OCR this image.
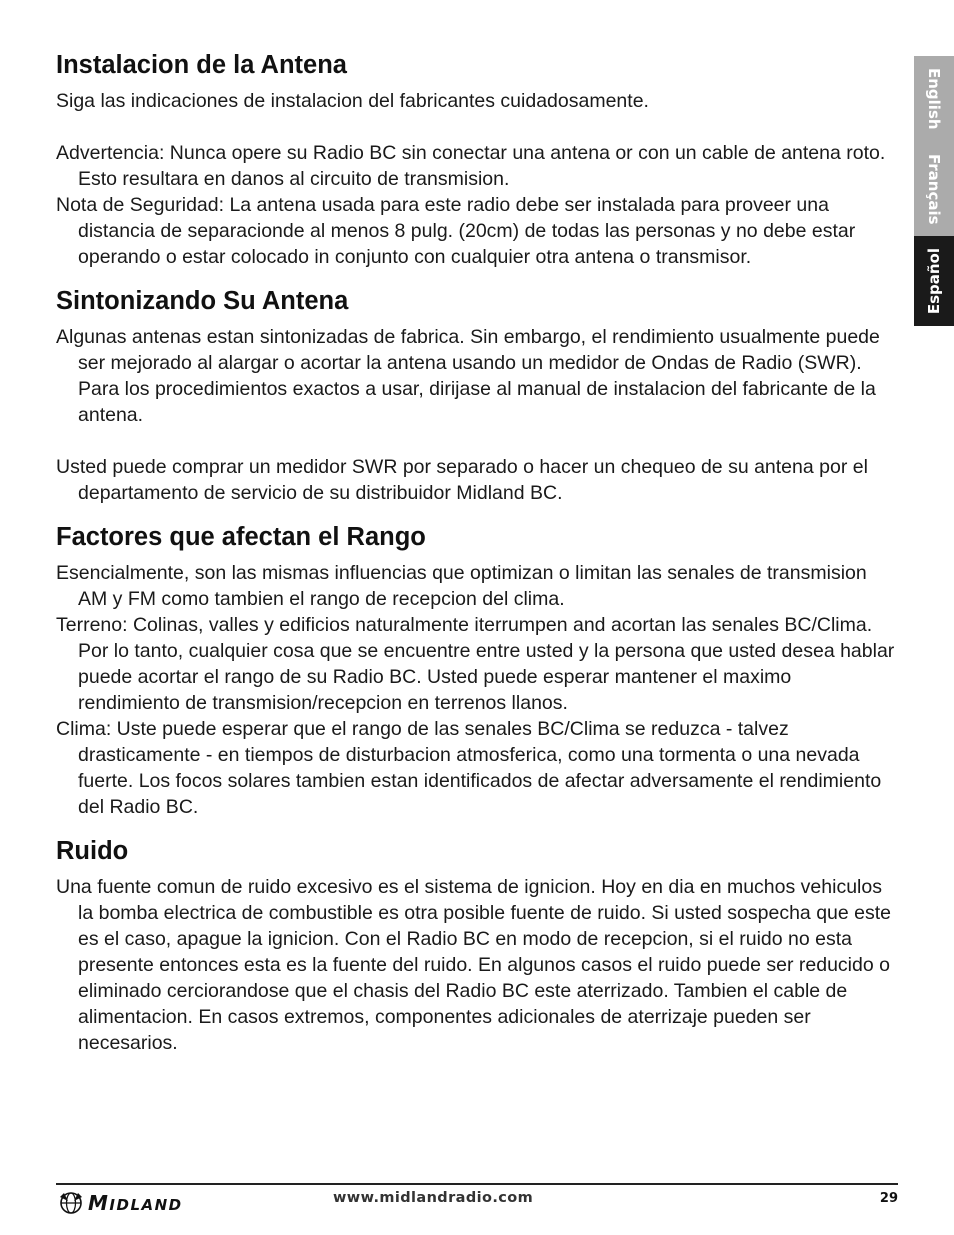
English
Français
Español
Instalacion de la Antena

Siga las indicaciones de instalacion del fabricantes cuidadosamente.

Advertencia: Nunca opere su Radio BC sin conectar una antena or con un cable de antena roto. Esto resultara en danos al circuito de transmision.

Nota de Seguridad: La antena usada para este radio debe ser instalada para proveer una distancia de separacionde al menos 8 pulg. (20cm) de todas las personas y no debe estar operando o estar colocado in conjunto con cualquier otra antena o transmisor.

Sintonizando Su Antena

Algunas antenas estan sintonizadas de fabrica. Sin embargo, el rendimiento usualmente puede ser mejorado al alargar o acortar la antena usando un medidor de Ondas de Radio (SWR). Para los procedimientos exactos a usar, dirijase al manual de instalacion del fabricante de la antena.

Usted puede comprar un medidor SWR por separado o hacer un chequeo de su antena por el departamento de servicio de su distribuidor Midland BC.

Factores que afectan el Rango

Esencialmente, son las mismas influencias que optimizan o limitan las senales de transmision AM y FM como tambien el rango de recepcion del clima.

Terreno: Colinas, valles y edificios naturalmente iterrumpen and acortan las senales BC/Clima. Por lo tanto, cualquier cosa que se encuentre entre usted y la persona que usted desea hablar puede acortar el rango de su Radio BC. Usted puede esperar mantener el maximo rendimiento de transmision/recepcion en terrenos llanos.

Clima: Uste puede esperar que el rango de las senales BC/Clima se reduzca - talvez drasticamente - en tiempos de disturbacion atmosferica, como una tormenta o una nevada fuerte. Los focos solares tambien estan identificados de afectar adversamente el rendimiento del Radio BC.

Ruido

Una fuente comun de ruido excesivo es el sistema de ignicion. Hoy en dia en muchos vehiculos la bomba electrica de combustible es otra posible fuente de ruido. Si usted sospecha que este es el caso, apague la ignicion. Con el Radio BC en modo de recepcion, si el ruido no esta presente entonces esta es la fuente del ruido. En algunos casos el ruido puede ser reducido o eliminado cerciorandose que el chasis del Radio BC este aterrizado. Tambien el cable de alimentacion. En casos extremos, componentes adicionales de aterrizaje pueden ser necesarios.

MIDLAND	www.midlandradio.com	29
